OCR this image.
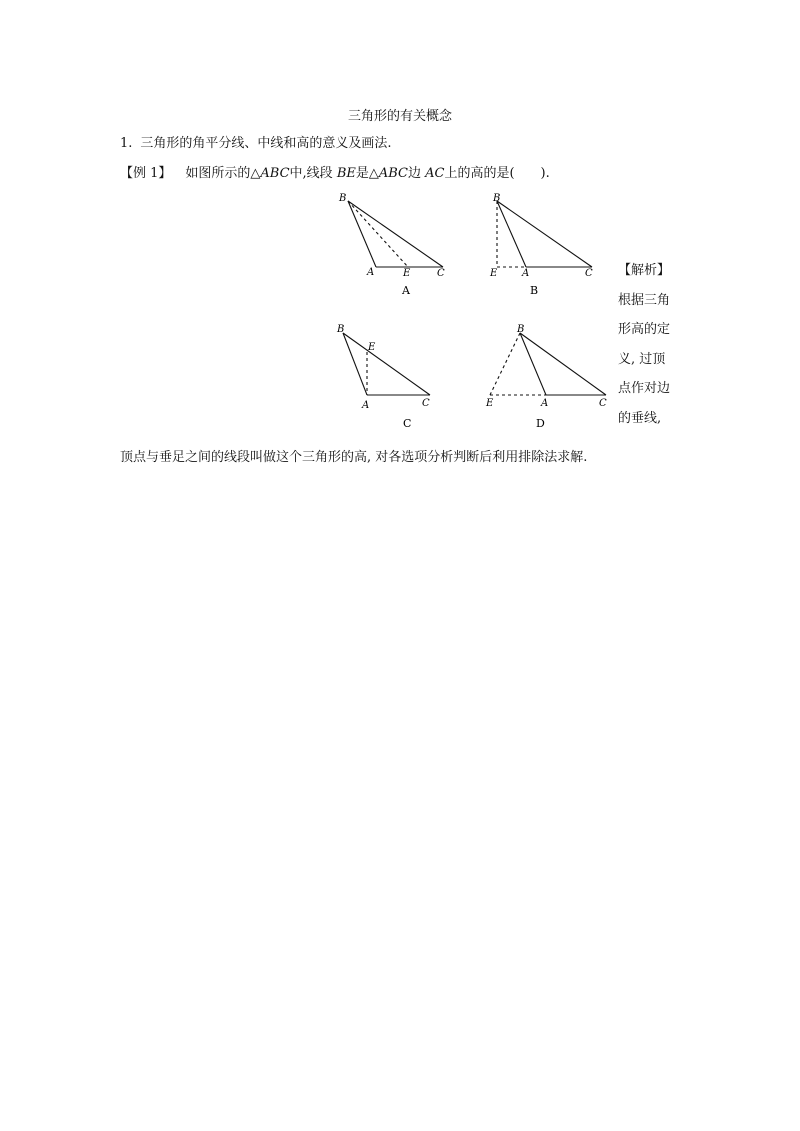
三角形的有关概念
1. 三角形的角平分线、中线和高的意义及画法.
【例 1】 如图所示的△ABC中,线段 BE是△ABC边 AC上的高的是(　　).
B
A	E	C
A
B
E A	C
B
B
E
A	C
C
B
E	A	C
D
【解析】
根据三角
形高的定
义, 过顶
点作对边
的垂线,
顶点与垂足之间的线段叫做这个三角形的高, 对各选项分析判断后利用排除法求解.
